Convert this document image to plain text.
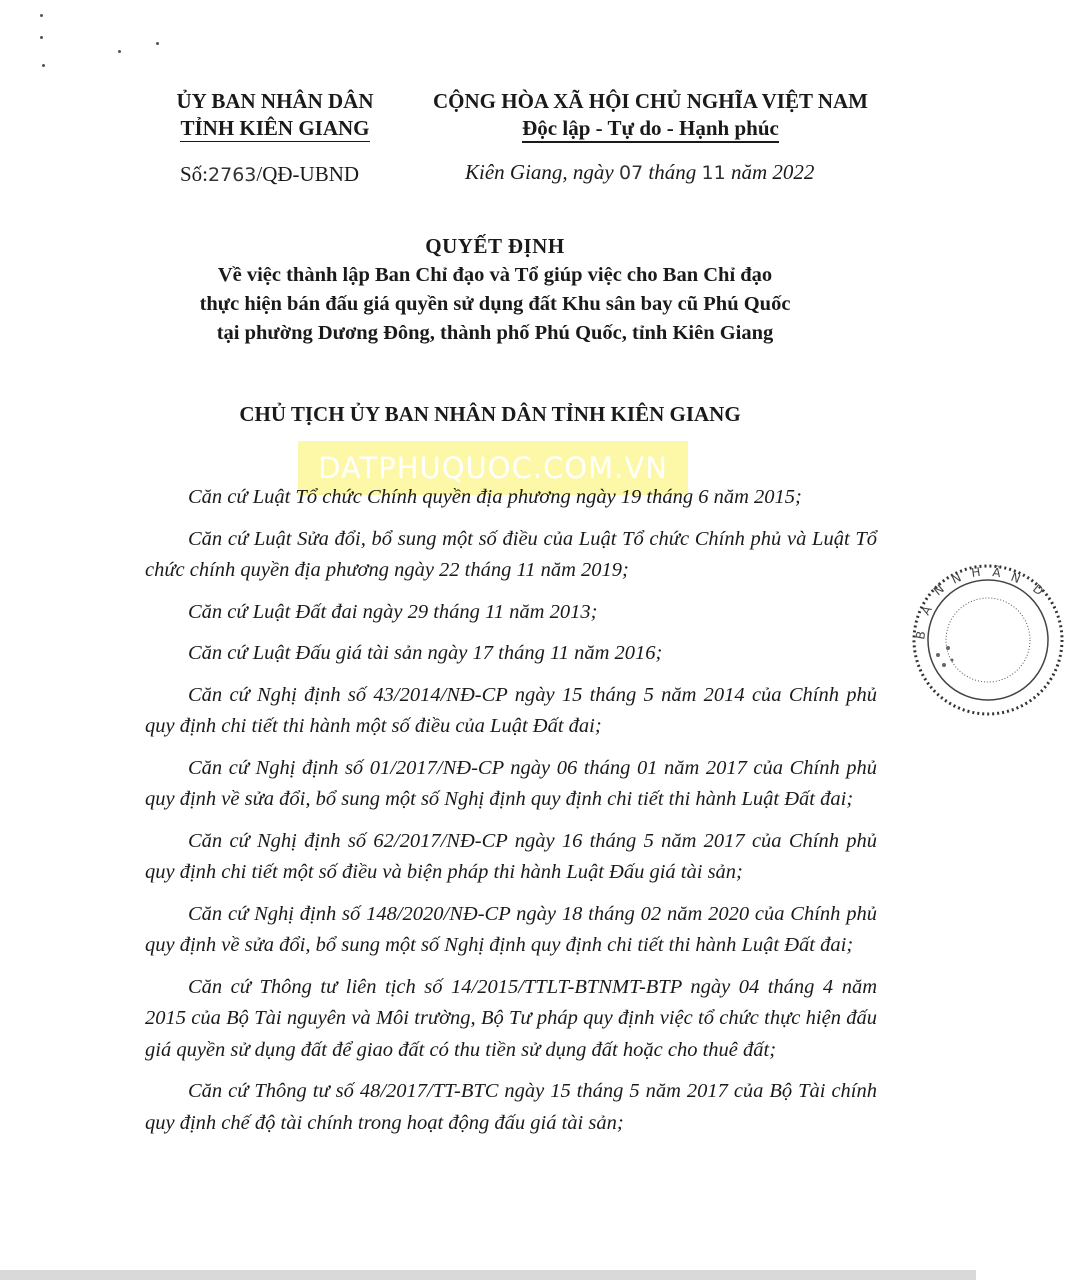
ỦY BAN NHÂN DÂN
TỈNH KIÊN GIANG
CỘNG HÒA XÃ HỘI CHỦ NGHĨA VIỆT NAM
Độc lập - Tự do - Hạnh phúc
Số:2763/QĐ-UBND	Kiên Giang, ngày 07 tháng 11 năm 2022
QUYẾT ĐỊNH
Về việc thành lập Ban Chỉ đạo và Tổ giúp việc cho Ban Chỉ đạo
thực hiện bán đấu giá quyền sử dụng đất Khu sân bay cũ Phú Quốc
tại phường Dương Đông, thành phố Phú Quốc, tỉnh Kiên Giang
CHỦ TỊCH ỦY BAN NHÂN DÂN TỈNH KIÊN GIANG
DATPHUQUOC.COM.VN

Căn cứ Luật Tổ chức Chính quyền địa phương ngày 19 tháng 6 năm 2015;

Căn cứ Luật Sửa đổi, bổ sung một số điều của Luật Tổ chức Chính phủ và Luật Tổ chức chính quyền địa phương ngày 22 tháng 11 năm 2019;

Căn cứ Luật Đất đai ngày 29 tháng 11 năm 2013;

Căn cứ Luật Đấu giá tài sản ngày 17 tháng 11 năm 2016;

Căn cứ Nghị định số 43/2014/NĐ-CP ngày 15 tháng 5 năm 2014 của Chính phủ quy định chi tiết thi hành một số điều của Luật Đất đai;

Căn cứ Nghị định số 01/2017/NĐ-CP ngày 06 tháng 01 năm 2017 của Chính phủ quy định về sửa đổi, bổ sung một số Nghị định quy định chi tiết thi hành Luật Đất đai;

Căn cứ Nghị định số 62/2017/NĐ-CP ngày 16 tháng 5 năm 2017 của Chính phủ quy định chi tiết một số điều và biện pháp thi hành Luật Đấu giá tài sản;

Căn cứ Nghị định số 148/2020/NĐ-CP ngày 18 tháng 02 năm 2020 của Chính phủ quy định về sửa đổi, bổ sung một số Nghị định quy định chi tiết thi hành Luật Đất đai;

Căn cứ Thông tư liên tịch số 14/2015/TTLT-BTNMT-BTP ngày 04 tháng 4 năm 2015 của Bộ Tài nguyên và Môi trường, Bộ Tư pháp quy định việc tổ chức thực hiện đấu giá quyền sử dụng đất để giao đất có thu tiền sử dụng đất hoặc cho thuê đất;

Căn cứ Thông tư số 48/2017/TT-BTC ngày 15 tháng 5 năm 2017 của Bộ Tài chính quy định chế độ tài chính trong hoạt động đấu giá tài sản;

B
A
N
N H Â N
D
